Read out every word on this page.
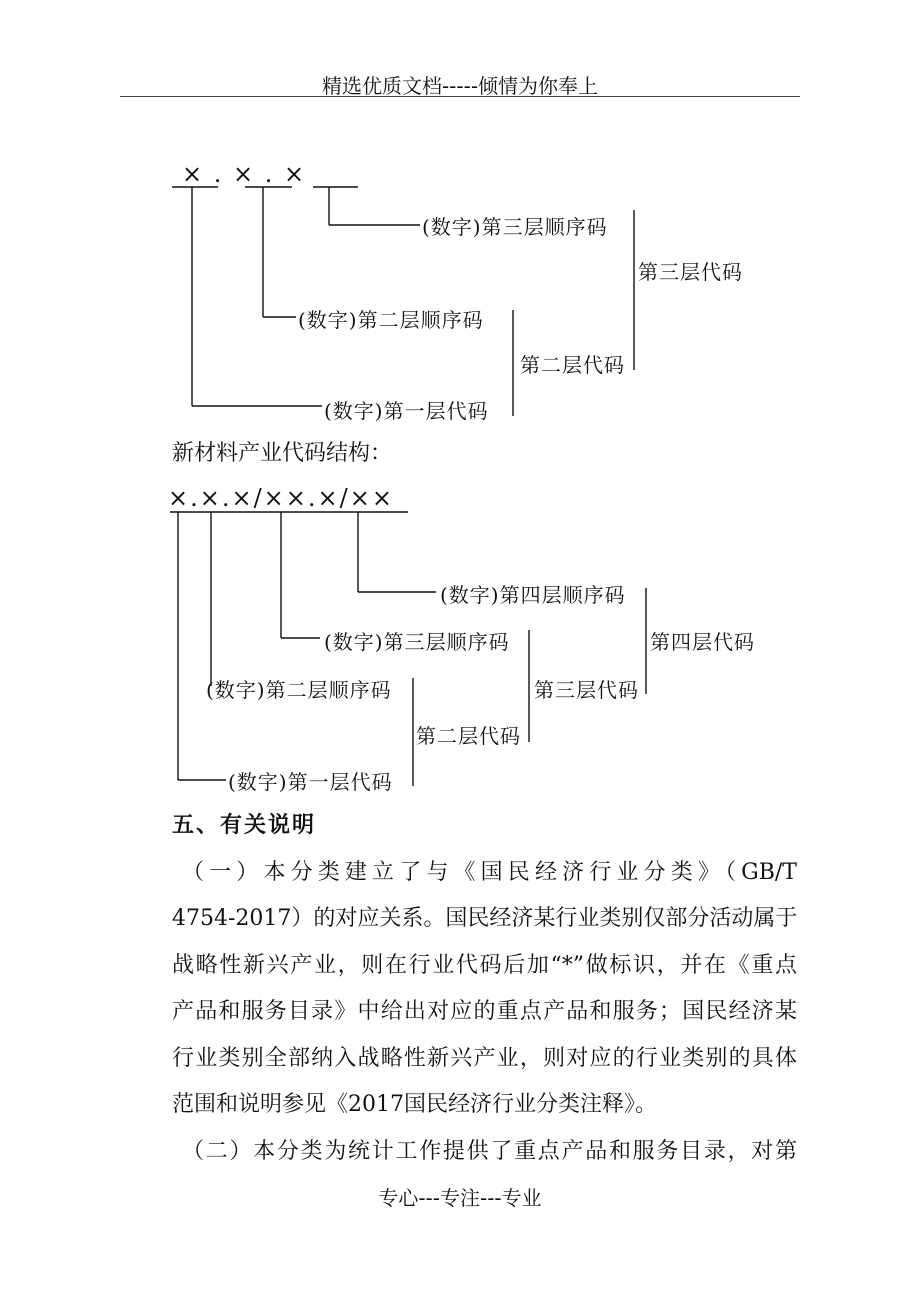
精选优质文档-----倾情为你奉上
× . × . ×
(数字)第三层顺序码
第三层代码
(数字)第二层顺序码
第二层代码
(数字)第一层代码
新材料产业代码结构：
×.×.×/××.×/××
(数字)第四层顺序码
第四层代码
(数字)第三层顺序码
第三层代码
(数字)第二层顺序码
第二层代码
(数字)第一层代码
五、有关说明
（一）本分类建立了与《国民经济行业分类》（GB/T
4754-2017）的对应关系。国民经济某行业类别仅部分活动属于
战略性新兴产业，则在行业代码后加“*”做标识，并在《重点
产品和服务目录》中给出对应的重点产品和服务；国民经济某
行业类别全部纳入战略性新兴产业，则对应的行业类别的具体
范围和说明参见《2017国民经济行业分类注释》。
（二）本分类为统计工作提供了重点产品和服务目录，对第
专心---专注---专业
